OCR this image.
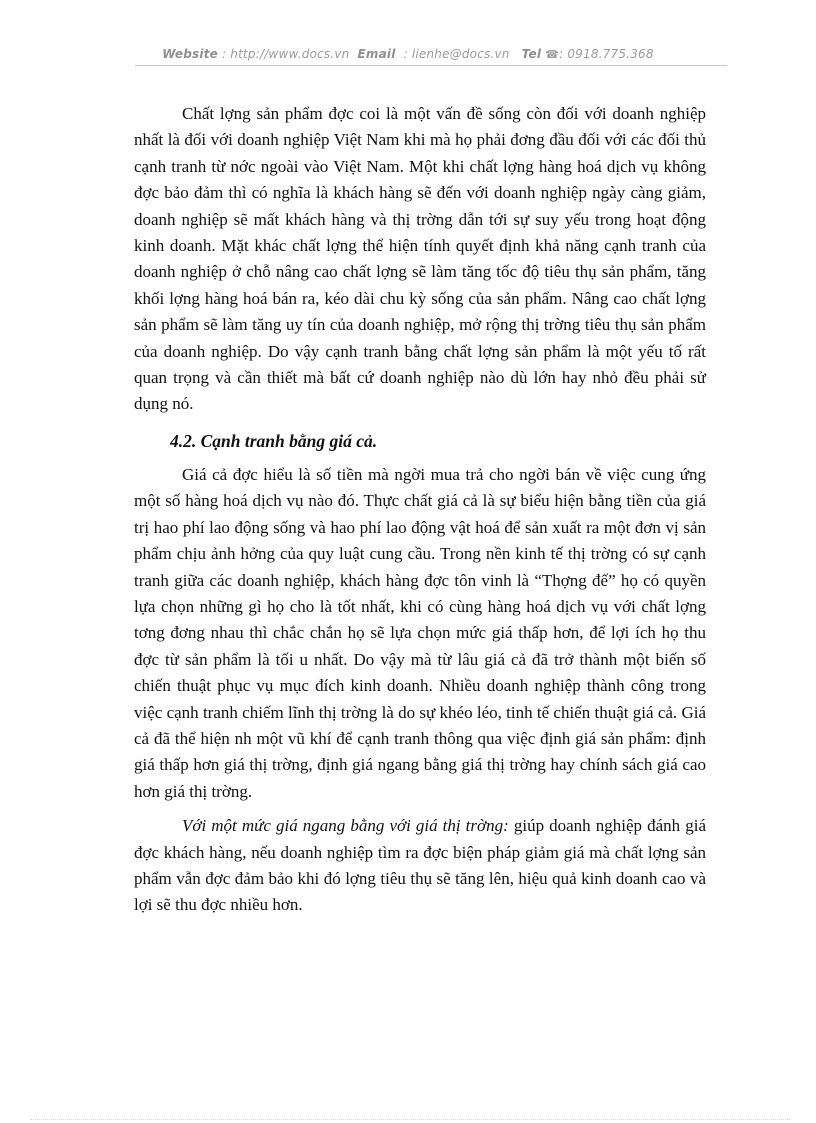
Website : http://www.docs.vn Email : lienhe@docs.vn Tel ☎: 0918.775.368

Chất lợng sản phẩm đợc coi là một vấn đề sống còn đối với doanh nghiệp nhất là đối với doanh nghiệp Việt Nam khi mà họ phải đơng đầu đối với các đối thủ cạnh tranh từ nớc ngoài vào Việt Nam. Một khi chất lợng hàng hoá dịch vụ không đợc bảo đảm thì có nghĩa là khách hàng sẽ đến với doanh nghiệp ngày càng giảm, doanh nghiệp sẽ mất khách hàng và thị trờng dẫn tới sự suy yếu trong hoạt động kinh doanh. Mặt khác chất lợng thể hiện tính quyết định khả năng cạnh tranh của doanh nghiệp ở chỗ nâng cao chất lợng sẽ làm tăng tốc độ tiêu thụ sản phẩm, tăng khối lợng hàng hoá bán ra, kéo dài chu kỳ sống của sản phẩm. Nâng cao chất lợng sản phẩm sẽ làm tăng uy tín của doanh nghiệp, mở rộng thị trờng tiêu thụ sản phẩm của doanh nghiệp. Do vậy cạnh tranh bằng chất lợng sản phẩm là một yếu tố rất quan trọng và cần thiết mà bất cứ doanh nghiệp nào dù lớn hay nhỏ đều phải sử dụng nó.

4.2. Cạnh tranh bằng giá cả.

Giá cả đợc hiểu là số tiền mà ngời mua trả cho ngời bán về việc cung ứng một số hàng hoá dịch vụ nào đó. Thực chất giá cả là sự biểu hiện bằng tiền của giá trị hao phí lao động sống và hao phí lao động vật hoá để sản xuất ra một đơn vị sản phẩm chịu ảnh hởng của quy luật cung cầu. Trong nền kinh tế thị trờng có sự cạnh tranh giữa các doanh nghiệp, khách hàng đợc tôn vinh là “Thợng đế” họ có quyền lựa chọn những gì họ cho là tốt nhất, khi có cùng hàng hoá dịch vụ với chất lợng tơng đơng nhau thì chắc chắn họ sẽ lựa chọn mức giá thấp hơn, để lợi ích họ thu đợc từ sản phẩm là tối u nhất. Do vậy mà từ lâu giá cả đã trở thành một biến số chiến thuật phục vụ mục đích kinh doanh. Nhiều doanh nghiệp thành công trong việc cạnh tranh chiếm lĩnh thị trờng là do sự khéo léo, tinh tế chiến thuật giá cả. Giá cả đã thể hiện nh một vũ khí để cạnh tranh thông qua việc định giá sản phẩm: định giá thấp hơn giá thị trờng, định giá ngang bằng giá thị trờng hay chính sách giá cao hơn giá thị trờng.

Với một mức giá ngang bằng với giá thị trờng: giúp doanh nghiệp đánh giá đợc khách hàng, nếu doanh nghiệp tìm ra đợc biện pháp giảm giá mà chất lợng sản phẩm vẫn đợc đảm bảo khi đó lợng tiêu thụ sẽ tăng lên, hiệu quả kinh doanh cao và lợi sẽ thu đợc nhiều hơn.
